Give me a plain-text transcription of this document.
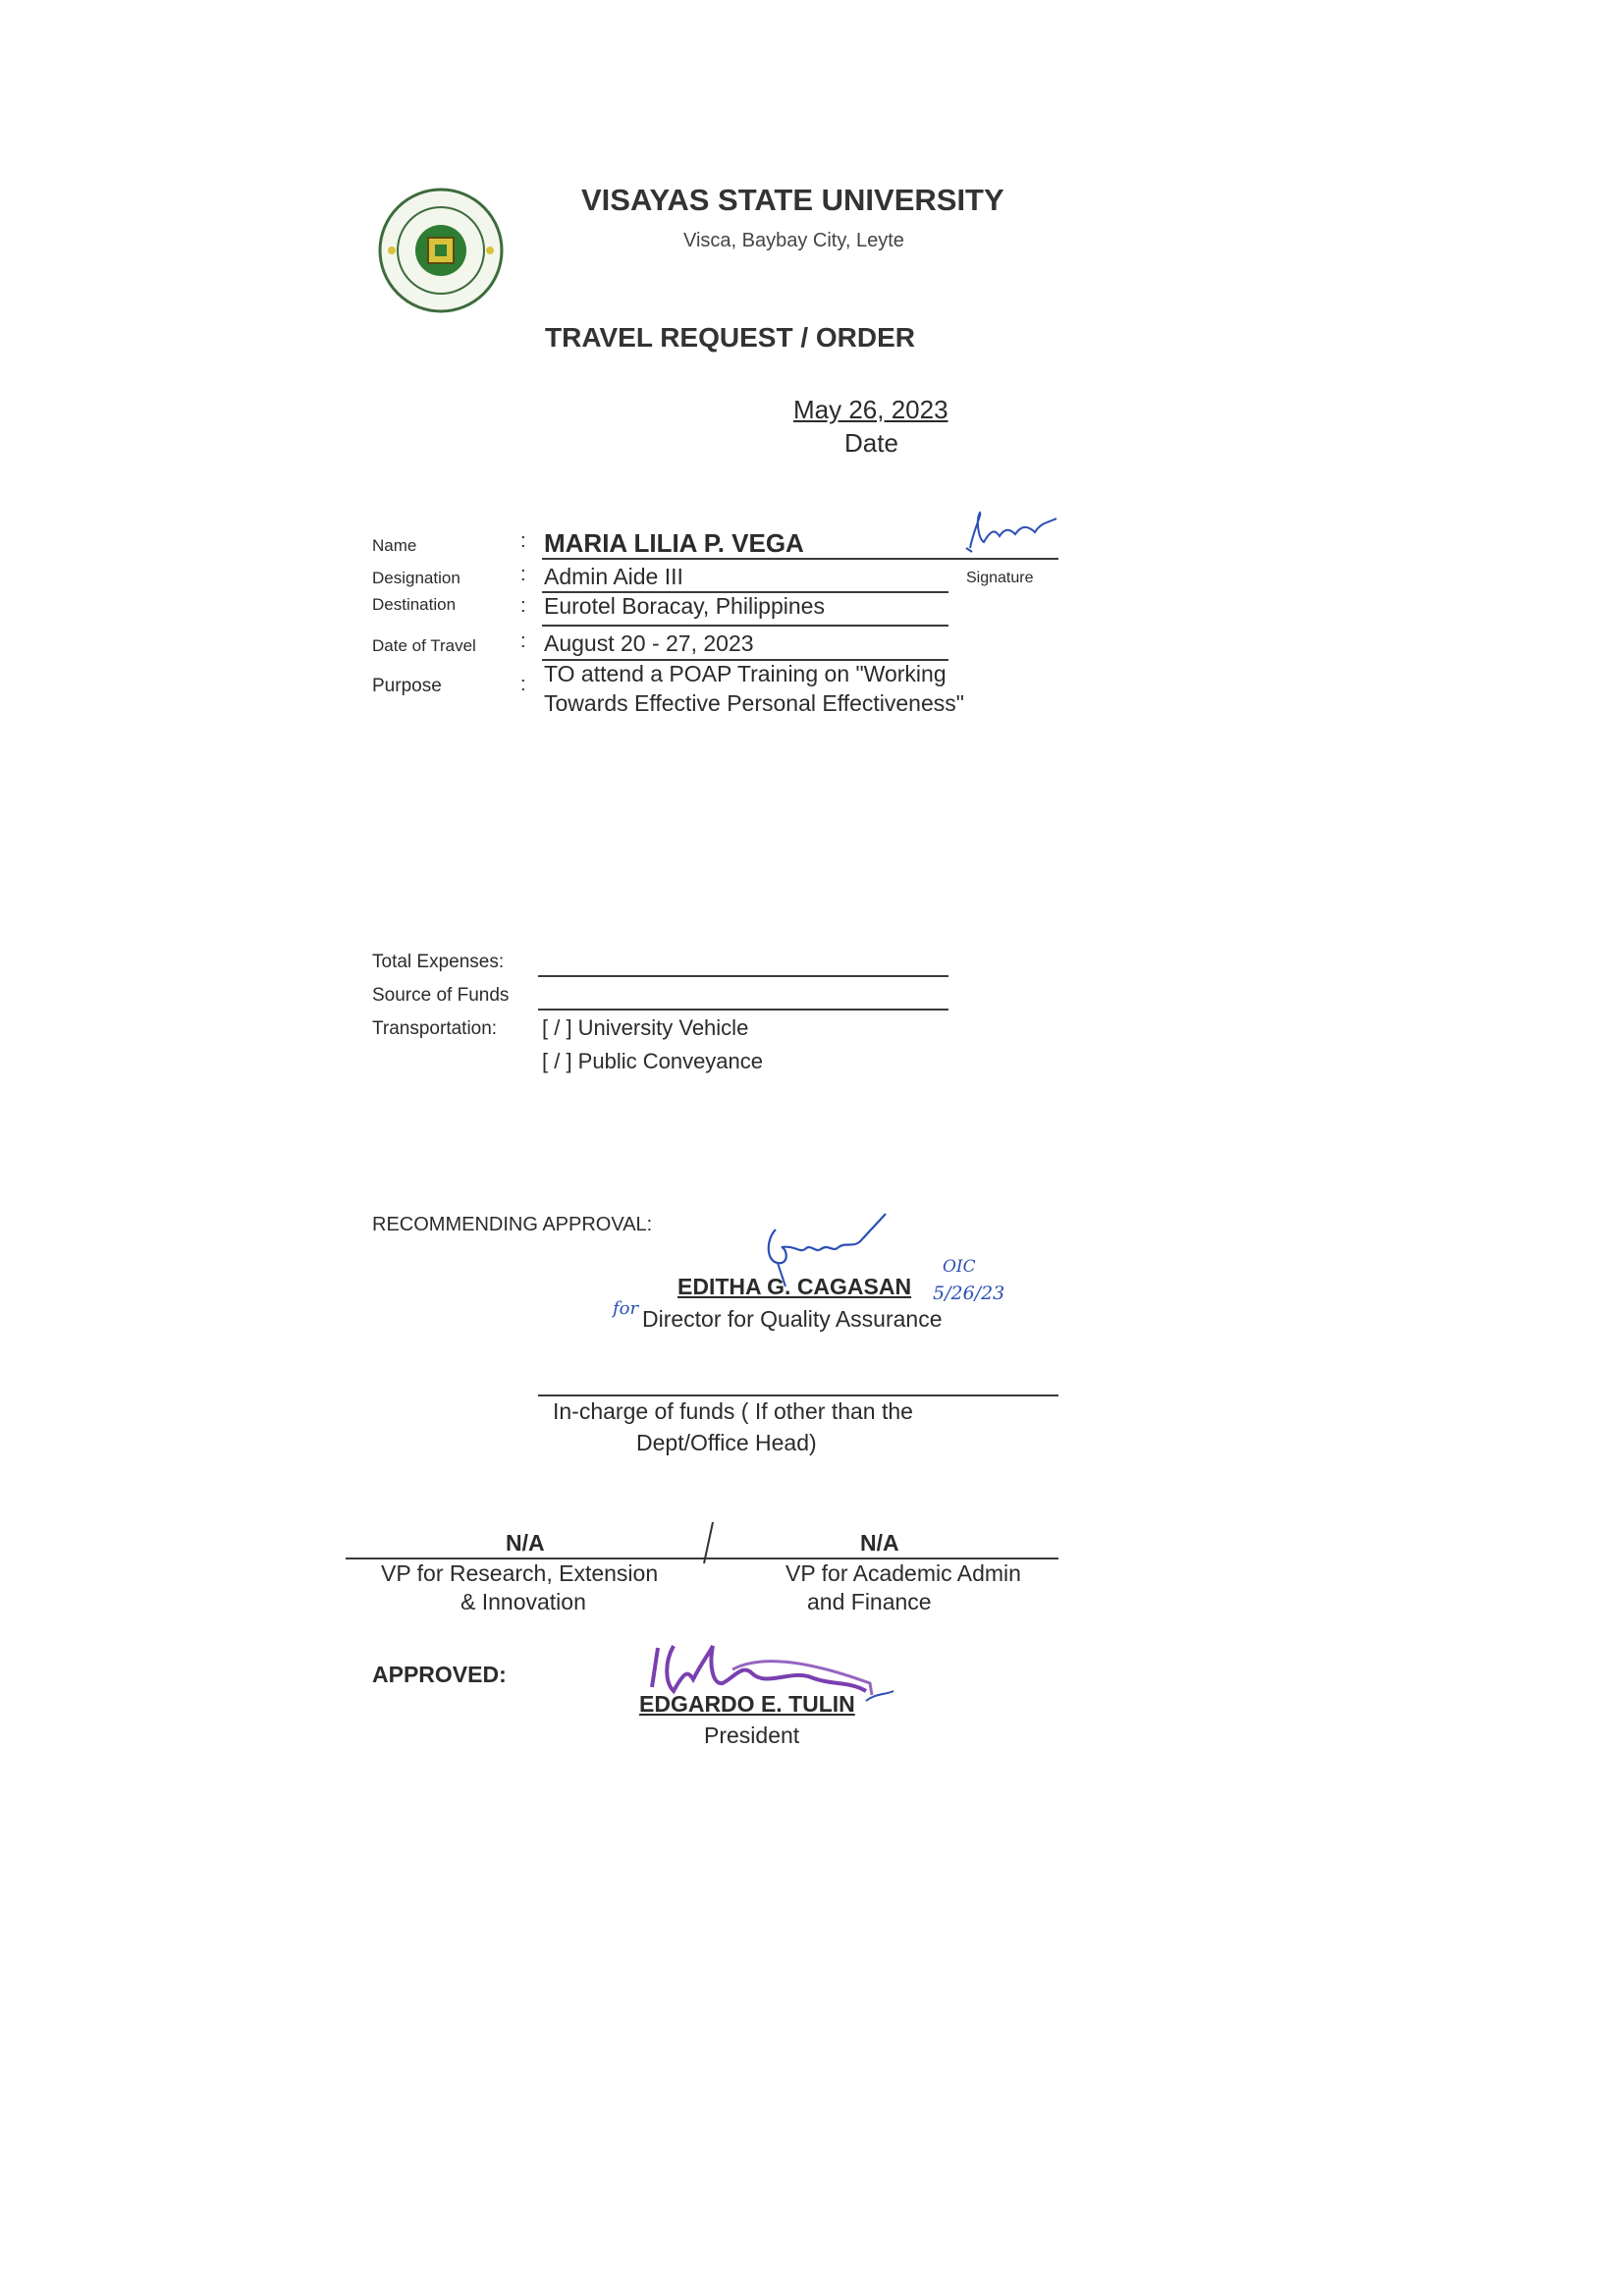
VISAYAS STATE UNIVERSITY
Visca, Baybay City, Leyte
TRAVEL REQUEST / ORDER
May 26, 2023
Date
Name	: MARIA LILIA P. VEGA
Signature
Designation	: Admin Aide III
Destination	: Eurotel Boracay, Philippines
Date of Travel : August 20 - 27, 2023
Purpose	: TO attend a POAP Training on "Working
Towards Effective Personal Effectiveness"
Total Expenses:
Source of Funds
Transportation: [ / ] University Vehicle
[ / ] Public Conveyance
RECOMMENDING APPROVAL:
OIC
5/26/23
EDITHA G. CAGASAN
for Director for Quality Assurance
In-charge of funds ( If other than the
Dept/Office Head)
N/A
VP for Research, Extension
& Innovation
N/A
VP for Academic Admin
and Finance
APPROVED:
EDGARDO E. TULIN
President
